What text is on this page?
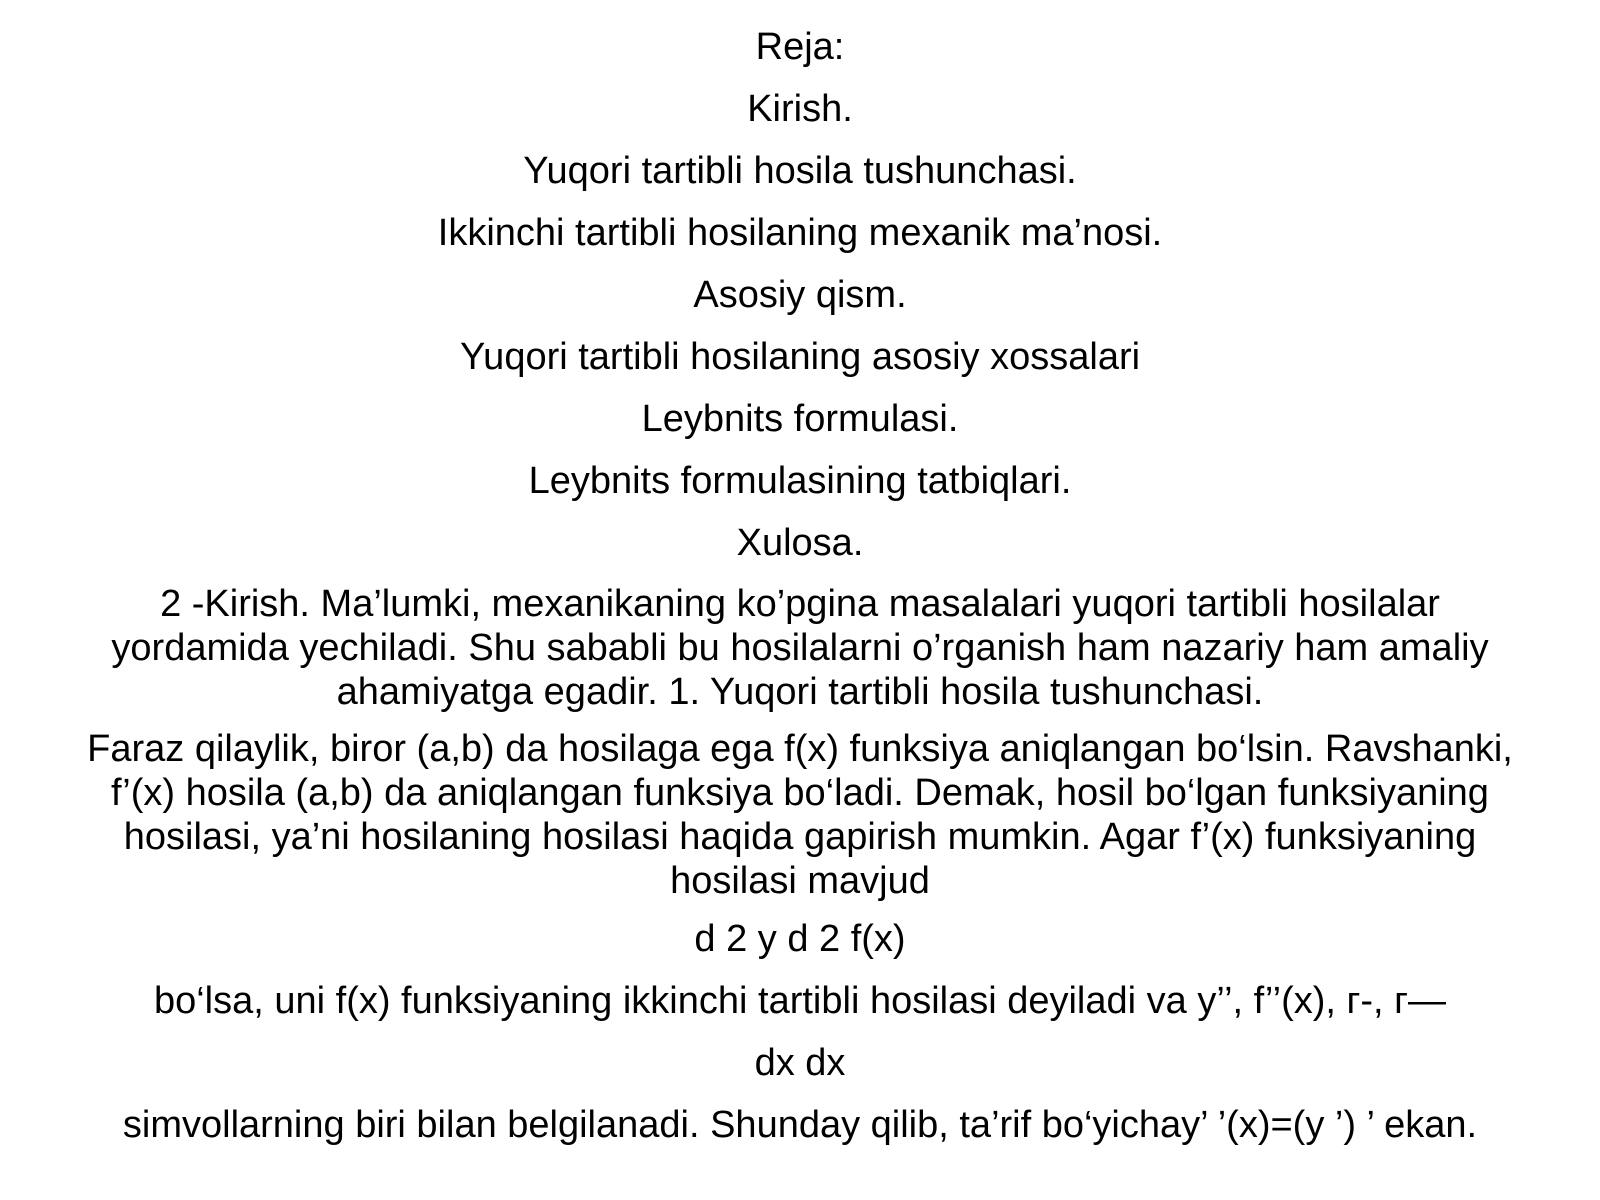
Reja:

Kirish.

Yuqori tartibli hosila tushunchasi.

Ikkinchi tartibli hosilaning mexanik ma’nosi.

Asosiy qism.

Yuqori tartibli hosilaning asosiy xossalari

Leybnits formulasi.

Leybnits formulasining tatbiqlari.

Xulosa.

2 -Kirish. Ma’lumki, mexanikaning ko’pgina masalalari yuqori tartibli hosilalar
yordamida yechiladi. Shu sababli bu hosilalarni o’rganish ham nazariy ham amaliy
ahamiyatga egadir. 1. Yuqori tartibli hosila tushunchasi.
Faraz qilaylik, biror (a,b) da hosilaga ega f(x) funksiya aniqlangan bo‘lsin. Ravshanki,
f’(x) hosila (a,b) da aniqlangan funksiya bo‘ladi. Demak, hosil bo‘lgan funksiyaning
hosilasi, ya’ni hosilaning hosilasi haqida gapirish mumkin. Agar f’(x) funksiyaning
hosilasi mavjud

d 2 y d 2 f(x)

bo‘lsa, uni f(x) funksiyaning ikkinchi tartibli hosilasi deyiladi va y’’, f’’(x), г-, г—

dx dx

simvollarning biri bilan belgilanadi. Shunday qilib, ta’rif bo‘yichay’ ’(x)=(y ’) ’ ekan.
